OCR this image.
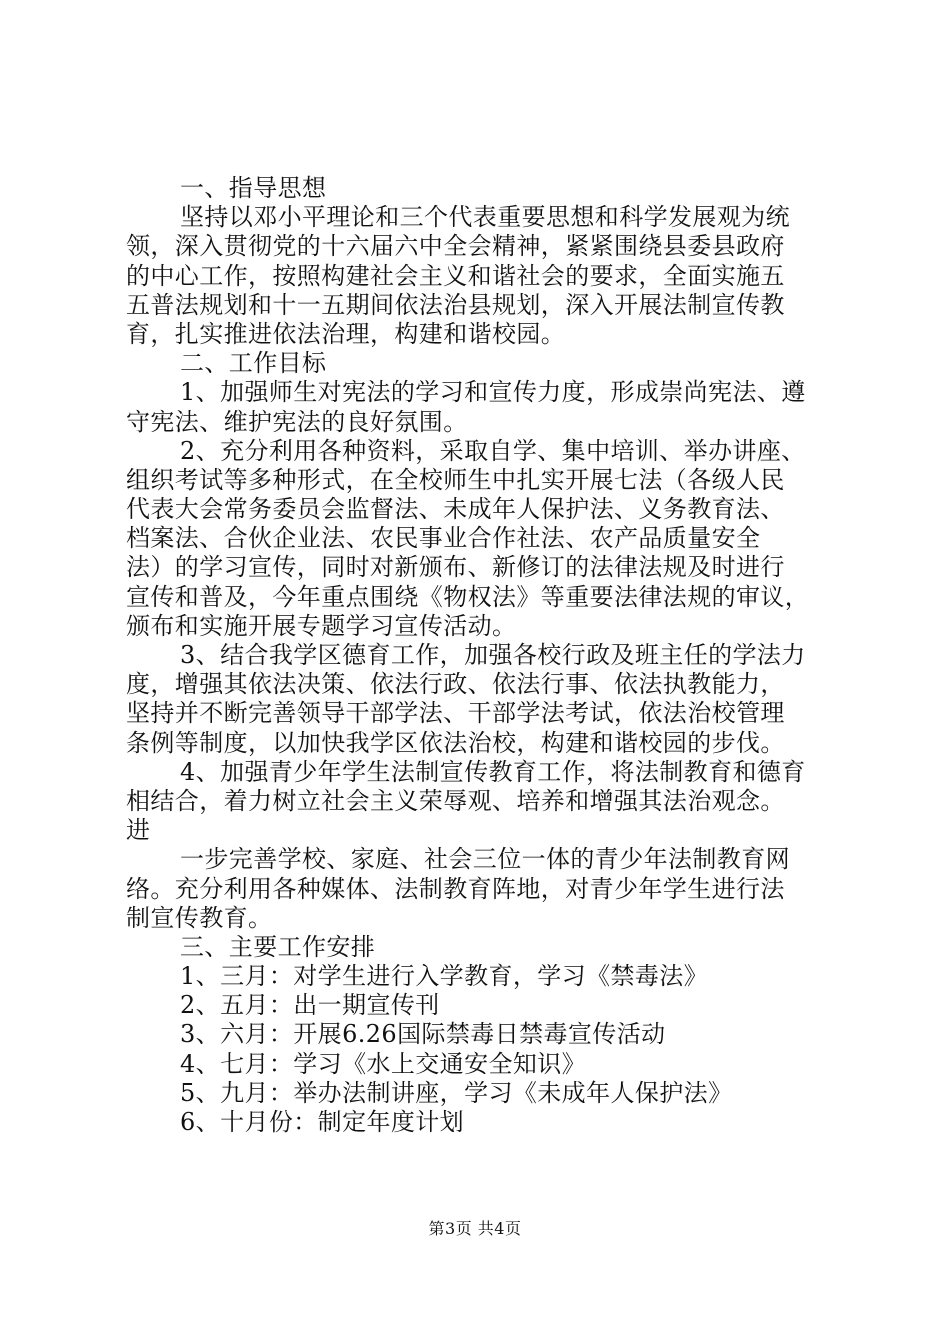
一、指导思想
坚持以邓小平理论和三个代表重要思想和科学发展观为统
领，深入贯彻党的十六届六中全会精神，紧紧围绕县委县政府
的中心工作，按照构建社会主义和谐社会的要求，全面实施五
五普法规划和十一五期间依法治县规划，深入开展法制宣传教
育，扎实推进依法治理，构建和谐校园。
二、工作目标
1、加强师生对宪法的学习和宣传力度，形成崇尚宪法、遵
守宪法、维护宪法的良好氛围。
2、充分利用各种资料，采取自学、集中培训、举办讲座、
组织考试等多种形式，在全校师生中扎实开展七法（各级人民
代表大会常务委员会监督法、未成年人保护法、义务教育法、
档案法、合伙企业法、农民事业合作社法、农产品质量安全
法）的学习宣传，同时对新颁布、新修订的法律法规及时进行
宣传和普及，今年重点围绕《物权法》等重要法律法规的审议，
颁布和实施开展专题学习宣传活动。
3、结合我学区德育工作，加强各校行政及班主任的学法力
度，增强其依法决策、依法行政、依法行事、依法执教能力，
坚持并不断完善领导干部学法、干部学法考试，依法治校管理
条例等制度，以加快我学区依法治校，构建和谐校园的步伐。
4、加强青少年学生法制宣传教育工作，将法制教育和德育
相结合，着力树立社会主义荣辱观、培养和增强其法治观念。
进
一步完善学校、家庭、社会三位一体的青少年法制教育网
络。充分利用各种媒体、法制教育阵地，对青少年学生进行法
制宣传教育。
三、主要工作安排
1、三月：对学生进行入学教育，学习《禁毒法》
2、五月：出一期宣传刊
3、六月：开展6.26国际禁毒日禁毒宣传活动
4、七月：学习《水上交通安全知识》
5、九月：举办法制讲座，学习《未成年人保护法》
6、十月份：制定年度计划
第3页 共4页
